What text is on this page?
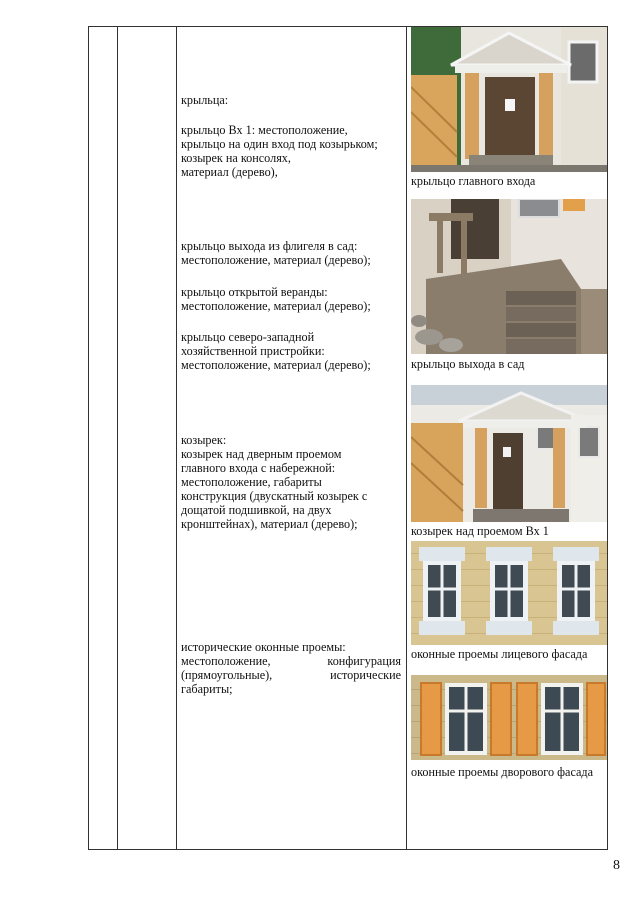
крыльца:
крыльцо Вх 1: местоположение,
крыльцо на один вход под козырьком;
козырек на консолях,
материал (дерево),
крыльцо выхода из флигеля в сад:
местоположение, материал (дерево);
крыльцо открытой веранды:
местоположение, материал (дерево);
крыльцо северо-западной
хозяйственной пристройки:
местоположение, материал (дерево);
козырек:
козырек над дверным проемом
главного входа с набережной:
местоположение, габариты
конструкция (двускатный козырек с
дощатой подшивкой, на двух
кронштейнах), материал (дерево);
исторические оконные проемы:
местоположение, конфигурация
(прямоугольные), исторические
габариты;
крыльцо главного входа
крыльцо выхода в сад
козырек над проемом Вх 1
оконные проемы лицевого фасада
оконные проемы дворового фасада
8
